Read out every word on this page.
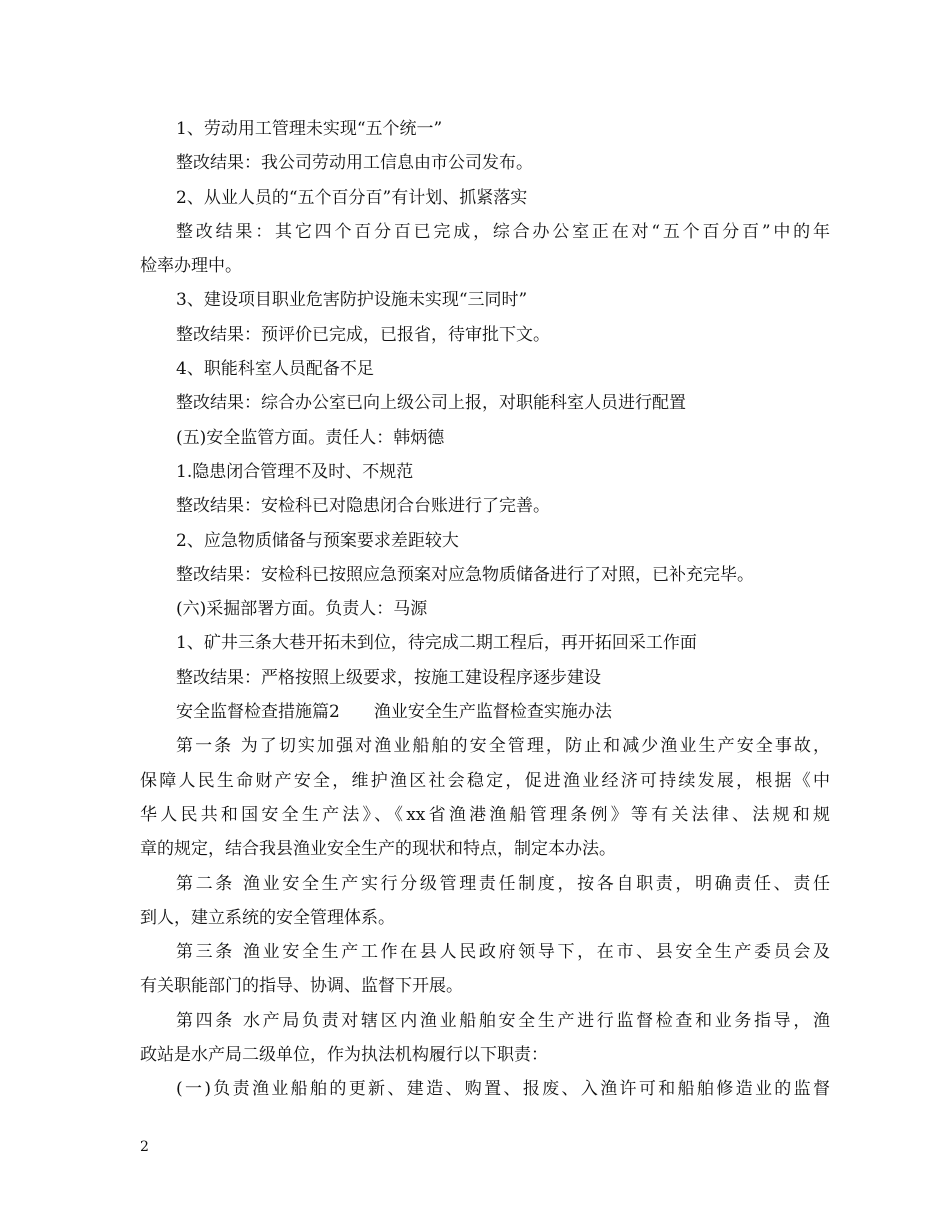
1、劳动用工管理未实现“五个统一”
整改结果：我公司劳动用工信息由市公司发布。
2、从业人员的“五个百分百”有计划、抓紧落实
整改结果：其它四个百分百已完成，综合办公室正在对“五个百分百”中的年
检率办理中。
3、建设项目职业危害防护设施未实现“三同时”
整改结果：预评价已完成，已报省，待审批下文。
4、职能科室人员配备不足
整改结果：综合办公室已向上级公司上报，对职能科室人员进行配置
(五)安全监管方面。责任人：韩炳德
1.隐患闭合管理不及时、不规范
整改结果：安检科已对隐患闭合台账进行了完善。
2、应急物质储备与预案要求差距较大
整改结果：安检科已按照应急预案对应急物质储备进行了对照，已补充完毕。
(六)采掘部署方面。负责人：马源
1、矿井三条大巷开拓未到位，待完成二期工程后，再开拓回采工作面
整改结果：严格按照上级要求，按施工建设程序逐步建设
安全监督检查措施篇2　　渔业安全生产监督检查实施办法
第一条 为了切实加强对渔业船舶的安全管理，防止和减少渔业生产安全事故，
保障人民生命财产安全，维护渔区社会稳定，促进渔业经济可持续发展，根据《中
华人民共和国安全生产法》、《xx省渔港渔船管理条例》等有关法律、法规和规
章的规定，结合我县渔业安全生产的现状和特点，制定本办法。
第二条 渔业安全生产实行分级管理责任制度，按各自职责，明确责任、责任
到人，建立系统的安全管理体系。
第三条 渔业安全生产工作在县人民政府领导下，在市、县安全生产委员会及
有关职能部门的指导、协调、监督下开展。
第四条 水产局负责对辖区内渔业船舶安全生产进行监督检查和业务指导，渔
政站是水产局二级单位，作为执法机构履行以下职责：
(一)负责渔业船舶的更新、建造、购置、报废、入渔许可和船舶修造业的监督
2
